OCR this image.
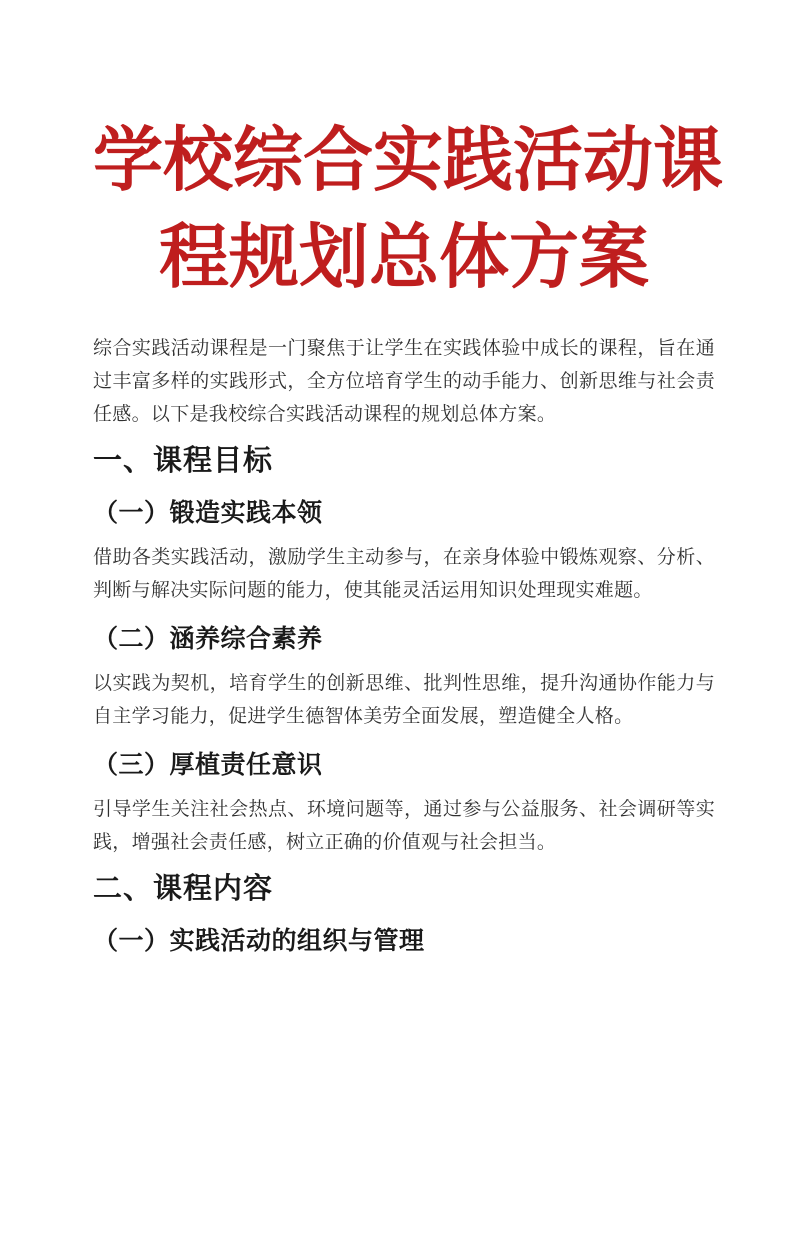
学校综合实践活动课
程规划总体方案

综合实践活动课程是一门聚焦于让学生在实践体验中成长的课程，旨在通过丰富多样的实践形式，全方位培育学生的动手能力、创新思维与社会责任感。以下是我校综合实践活动课程的规划总体方案。

一、课程目标
（一）锻造实践本领

借助各类实践活动，激励学生主动参与，在亲身体验中锻炼观察、分析、判断与解决实际问题的能力，使其能灵活运用知识处理现实难题。

（二）涵养综合素养

以实践为契机，培育学生的创新思维、批判性思维，提升沟通协作能力与自主学习能力，促进学生德智体美劳全面发展，塑造健全人格。

（三）厚植责任意识

引导学生关注社会热点、环境问题等，通过参与公益服务、社会调研等实践，增强社会责任感，树立正确的价值观与社会担当。

二、课程内容
（一）实践活动的组织与管理
